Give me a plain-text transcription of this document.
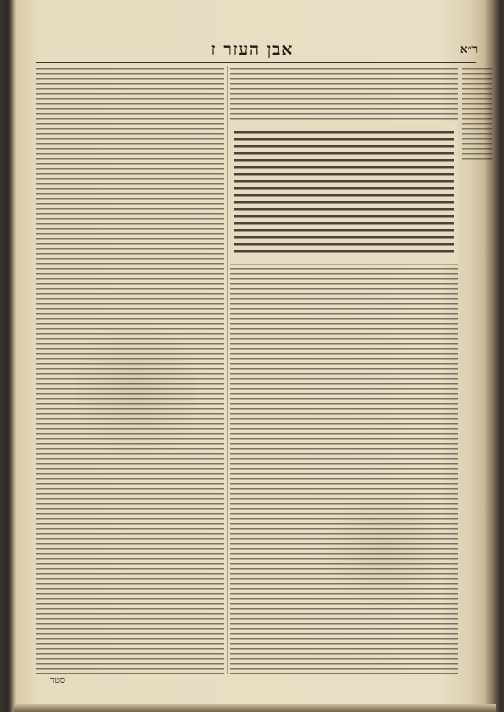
ר״א
אבן העזר ז
סטר
